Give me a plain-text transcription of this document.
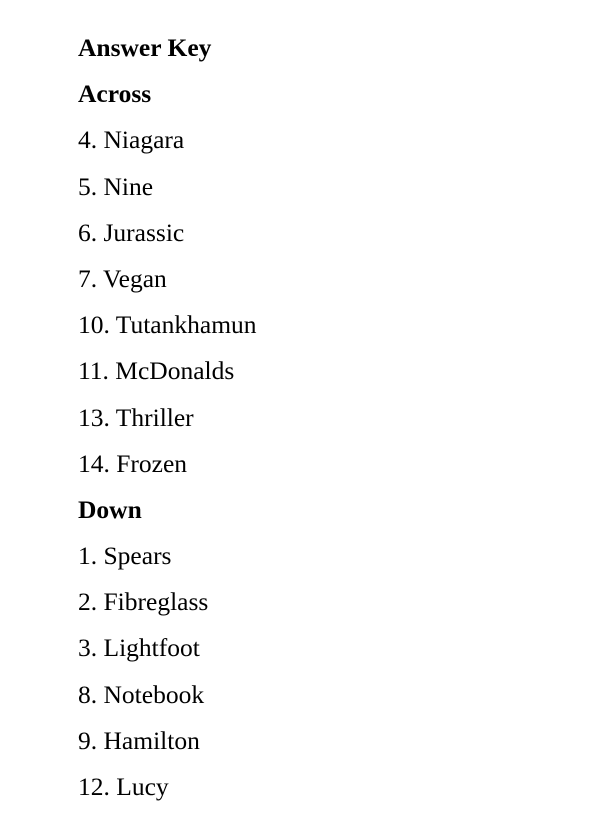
Answer Key
Across
4. Niagara
5. Nine
6. Jurassic
7. Vegan
10. Tutankhamun
11. McDonalds
13. Thriller
14. Frozen
Down
1. Spears
2. Fibreglass
3. Lightfoot
8. Notebook
9. Hamilton
12. Lucy
